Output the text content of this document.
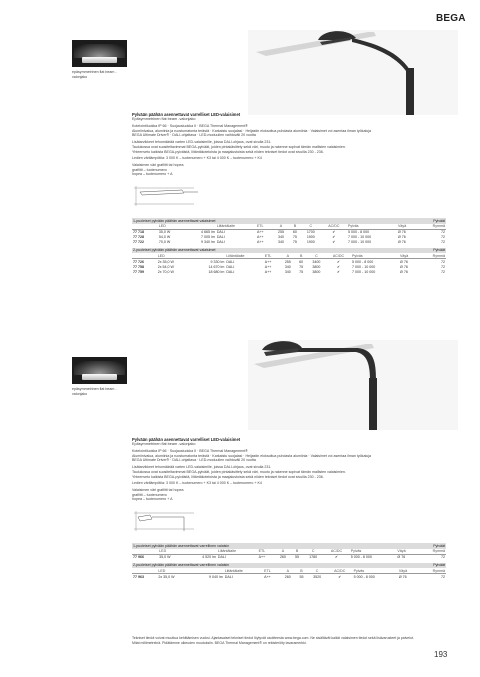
BEGA
epäsymmetrinen flat beam -valonjako
Pylvään päähän asennettavat varrelliset LED-valaisimet
Epäsymmetrinen flat beam -valonjako
Kotelointiluokka IP 66 · Suojausluokka II · BEGA Thermal Management®
Alumiinivalua, alumiinia ja ruostumatonta terästä · Karkaistu suojalasi · Heijastin eloksoitua puhdasta alumiinia · Valaisimet voi asentaa ilman työkaluja
BEGA Ultimate Driver® · DALI-ohjattava · LED-moduulien vaihtoväli 20 vuotta
Lisätarvikkeet tehomäärää varten LED-valaisimille, joissa DALI-ohjaus, ovat sivulla 231.
Taulukossa ovat suositeltavimmat BEGA-pylväät, joiden pintakäsittely sekä väri, muoto ja rakenne sopivat tämän mallisten valaisimien.
Yhteenveto kaikista BEGA-pylväistä, liitäntäkoteloista ja maajalustoista sekä niiden tekniset tiedot ovat sivuilla 230 - 236.
Ledien värilämpötila: 3 000 K – tuotenumero + K3 tai 4 000 K – tuotenumero + K4
Valaisimen väri grafiitti tai hopea
grafiitti – tuotenumero
hopea – tuotenumero + A
1-puoleiset pylvään päähän asennettavat valaisimet											Pylväät
	LED		Liitäntälaite	ETL	A	B	C	AC/DC	Pylväs	Väyä	Rymmä
77 718	35,0 W	4 665 lm	DALI	A++	255	60	1700	✔	5 000 - 8 000	Ø 76	72
77 728	54,0 W	7 005 lm	DALI	A++	340	75	1900	✔	7 000 - 10 000	Ø 76	72
77 722	70,0 W	9 340 lm	DALI	A++	340	75	1900	✔	7 000 - 10 000	Ø 76	72
2-puoleiset pylvään päähän asennettavat valaisimet											Pylväät
	LED		Liitäntälaite	ETL	A	B	C	AC/DC	Pylväs	Väyä	Rymmä
77 726	2x 35,0 W	9 330 lm	DALI	A++	255	60	3400	✔	5 000 - 8 000	Ø 76	72
77 758	2x 54,0 W	14 670 lm	DALI	A++	340	75	3800	✔	7 000 - 10 000	Ø 76	72
77 759	2x 70,0 W	18 680 lm	DALI	A++	340	75	3800	✔	7 000 - 10 000	Ø 76	72
epäsymmetrinen flat beam -valonjako
Pylvään päähän asennettavat varrelliset LED-valaisimet
Epäsymmetrinen flat beam -valonjako
Kotelointiluokka IP 66 · Suojausluokka II · BEGA Thermal Management®
Alumiinivalua, alumiinia ja ruostumatonta terästä · Karkaistu suojalasi · Heijastin eloksoitua puhdasta alumiinia · Valaisimet voi asentaa ilman työkaluja
BEGA Ultimate Driver® · DALI-ohjattava · LED-moduulien vaihtoväli 20 vuotta
Lisätarvikkeet tehomäärää varten LED-valaisimille, joissa DALI-ohjaus, ovat sivulla 231.
Taulukossa ovat suositeltavimmat BEGA-pylväät, joiden pintakäsittely sekä väri, muoto ja rakenne sopivat tämän mallisten valaisimien.
Yhteenveto kaikista BEGA-pylväistä, liitäntäkoteloista ja maajalustoista sekä niiden tekniset tiedot ovat sivuilla 230 - 236.
Ledien värilämpötila: 3 000 K – tuotenumero + K3 tai 4 000 K – tuotenumero + K4
Valaisimen väri grafiitti tai hopea
grafiitti – tuotenumero
hopea – tuotenumero + A
1-puoleiset pylvään päähän asennettavat varrellinen valaisin											Pylväät
	LED		Liitäntälaite	ETL	A	B	C	AC/DC	Pylväs	Väyä	Rymmä
77 966	35,0 W	4 520 lm	DALI	A++	260	55	1780	✔	5 000 - 8 000	Ø 76	72
2-puoleiset pylvään päähän asennettavat varrellinen valaisin											Pylväät
	LED		Liitäntälaite	ETL	A	B	C	AC/DC	Pylväs	Väyä	Rymmä
77 963	2x 35,0 W	9 040 lm	DALI	A++	260	55	3520	✔	5 000 - 8 000	Ø 76	72
Tekniset tiedot voivat muuttua kehittämisen vuoksi. Ajantasaiset tekniset tiedot löytyvät osoitteesta www.bega.com. Ne sisältävät kaikki valaisimen tiedot sekä lisävarusteet ja palvelut. Mitat millimetreinä. Pidätämme oikeuden muutoksiin. BEGA Thermal Management® on rekisteröity tavaramerkki.
193
